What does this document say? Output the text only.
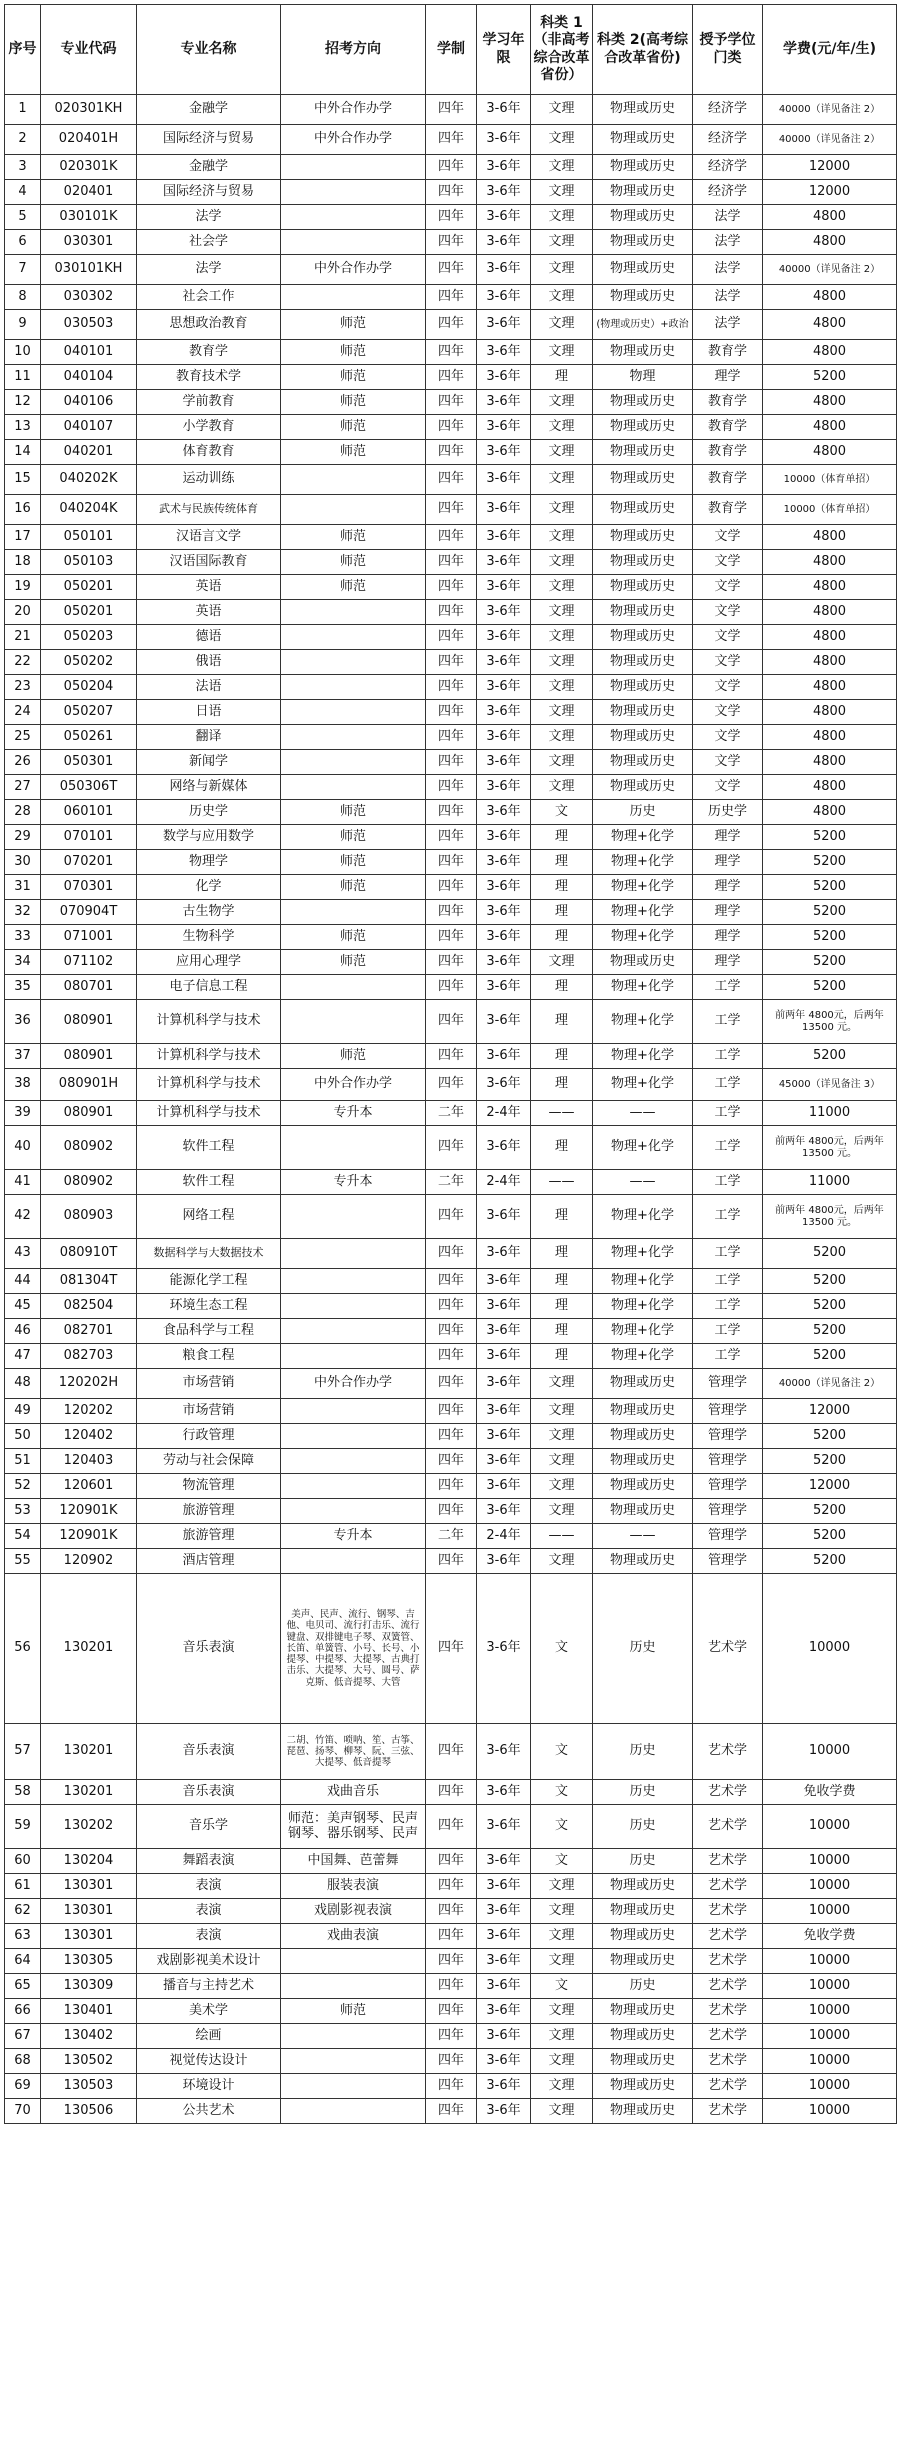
序号	专业代码	专业名称	招考方向	学制	学习年限	科类 1（非高考综合改革省份）	科类 2(高考综合改革省份)	授予学位门类	学费(元/年/生)
1	020301KH	金融学	中外合作办学	四年	3-6年	文理	物理或历史	经济学	40000（详见备注 2）
2	020401H	国际经济与贸易	中外合作办学	四年	3-6年	文理	物理或历史	经济学	40000（详见备注 2）
3	020301K	金融学		四年	3-6年	文理	物理或历史	经济学	12000
4	020401	国际经济与贸易		四年	3-6年	文理	物理或历史	经济学	12000
5	030101K	法学		四年	3-6年	文理	物理或历史	法学	4800
6	030301	社会学		四年	3-6年	文理	物理或历史	法学	4800
7	030101KH	法学	中外合作办学	四年	3-6年	文理	物理或历史	法学	40000（详见备注 2）
8	030302	社会工作		四年	3-6年	文理	物理或历史	法学	4800
9	030503	思想政治教育	师范	四年	3-6年	文理	(物理或历史）+政治	法学	4800
10	040101	教育学	师范	四年	3-6年	文理	物理或历史	教育学	4800
11	040104	教育技术学	师范	四年	3-6年	理	物理	理学	5200
12	040106	学前教育	师范	四年	3-6年	文理	物理或历史	教育学	4800
13	040107	小学教育	师范	四年	3-6年	文理	物理或历史	教育学	4800
14	040201	体育教育	师范	四年	3-6年	文理	物理或历史	教育学	4800
15	040202K	运动训练		四年	3-6年	文理	物理或历史	教育学	10000（体育单招）
16	040204K	武术与民族传统体育		四年	3-6年	文理	物理或历史	教育学	10000（体育单招）
17	050101	汉语言文学	师范	四年	3-6年	文理	物理或历史	文学	4800
18	050103	汉语国际教育	师范	四年	3-6年	文理	物理或历史	文学	4800
19	050201	英语	师范	四年	3-6年	文理	物理或历史	文学	4800
20	050201	英语		四年	3-6年	文理	物理或历史	文学	4800
21	050203	德语		四年	3-6年	文理	物理或历史	文学	4800
22	050202	俄语		四年	3-6年	文理	物理或历史	文学	4800
23	050204	法语		四年	3-6年	文理	物理或历史	文学	4800
24	050207	日语		四年	3-6年	文理	物理或历史	文学	4800
25	050261	翻译		四年	3-6年	文理	物理或历史	文学	4800
26	050301	新闻学		四年	3-6年	文理	物理或历史	文学	4800
27	050306T	网络与新媒体		四年	3-6年	文理	物理或历史	文学	4800
28	060101	历史学	师范	四年	3-6年	文	历史	历史学	4800
29	070101	数学与应用数学	师范	四年	3-6年	理	物理+化学	理学	5200
30	070201	物理学	师范	四年	3-6年	理	物理+化学	理学	5200
31	070301	化学	师范	四年	3-6年	理	物理+化学	理学	5200
32	070904T	古生物学		四年	3-6年	理	物理+化学	理学	5200
33	071001	生物科学	师范	四年	3-6年	理	物理+化学	理学	5200
34	071102	应用心理学	师范	四年	3-6年	文理	物理或历史	理学	5200
35	080701	电子信息工程		四年	3-6年	理	物理+化学	工学	5200
36	080901	计算机科学与技术		四年	3-6年	理	物理+化学	工学	前两年 4800元，后两年 13500 元。
37	080901	计算机科学与技术	师范	四年	3-6年	理	物理+化学	工学	5200
38	080901H	计算机科学与技术	中外合作办学	四年	3-6年	理	物理+化学	工学	45000（详见备注 3）
39	080901	计算机科学与技术	专升本	二年	2-4年	——	——	工学	11000
40	080902	软件工程		四年	3-6年	理	物理+化学	工学	前两年 4800元，后两年 13500 元。
41	080902	软件工程	专升本	二年	2-4年	——	——	工学	11000
42	080903	网络工程		四年	3-6年	理	物理+化学	工学	前两年 4800元，后两年 13500 元。
43	080910T	数据科学与大数据技术		四年	3-6年	理	物理+化学	工学	5200
44	081304T	能源化学工程		四年	3-6年	理	物理+化学	工学	5200
45	082504	环境生态工程		四年	3-6年	理	物理+化学	工学	5200
46	082701	食品科学与工程		四年	3-6年	理	物理+化学	工学	5200
47	082703	粮食工程		四年	3-6年	理	物理+化学	工学	5200
48	120202H	市场营销	中外合作办学	四年	3-6年	文理	物理或历史	管理学	40000（详见备注 2）
49	120202	市场营销		四年	3-6年	文理	物理或历史	管理学	12000
50	120402	行政管理		四年	3-6年	文理	物理或历史	管理学	5200
51	120403	劳动与社会保障		四年	3-6年	文理	物理或历史	管理学	5200
52	120601	物流管理		四年	3-6年	文理	物理或历史	管理学	12000
53	120901K	旅游管理		四年	3-6年	文理	物理或历史	管理学	5200
54	120901K	旅游管理	专升本	二年	2-4年	——	——	管理学	5200
55	120902	酒店管理		四年	3-6年	文理	物理或历史	管理学	5200
56	130201	音乐表演	美声、民声、流行、钢琴、吉他、电贝司、流行打击乐、流行键盘、双排键电子琴、双簧管、长笛、单簧管、小号、长号、小提琴、中提琴、大提琴、古典打击乐、大提琴、大号、圆号、萨克斯、低音提琴、大管	四年	3-6年	文	历史	艺术学	10000
57	130201	音乐表演	二胡、竹笛、唢呐、笙、古筝、琵琶、扬琴、柳琴、阮、三弦、大提琴、低音提琴	四年	3-6年	文	历史	艺术学	10000
58	130201	音乐表演	戏曲音乐	四年	3-6年	文	历史	艺术学	免收学费
59	130202	音乐学	师范：美声钢琴、民声钢琴、器乐钢琴、民声	四年	3-6年	文	历史	艺术学	10000
60	130204	舞蹈表演	中国舞、芭蕾舞	四年	3-6年	文	历史	艺术学	10000
61	130301	表演	服装表演	四年	3-6年	文理	物理或历史	艺术学	10000
62	130301	表演	戏剧影视表演	四年	3-6年	文理	物理或历史	艺术学	10000
63	130301	表演	戏曲表演	四年	3-6年	文理	物理或历史	艺术学	免收学费
64	130305	戏剧影视美术设计		四年	3-6年	文理	物理或历史	艺术学	10000
65	130309	播音与主持艺术		四年	3-6年	文	历史	艺术学	10000
66	130401	美术学	师范	四年	3-6年	文理	物理或历史	艺术学	10000
67	130402	绘画		四年	3-6年	文理	物理或历史	艺术学	10000
68	130502	视觉传达设计		四年	3-6年	文理	物理或历史	艺术学	10000
69	130503	环境设计		四年	3-6年	文理	物理或历史	艺术学	10000
70	130506	公共艺术		四年	3-6年	文理	物理或历史	艺术学	10000
